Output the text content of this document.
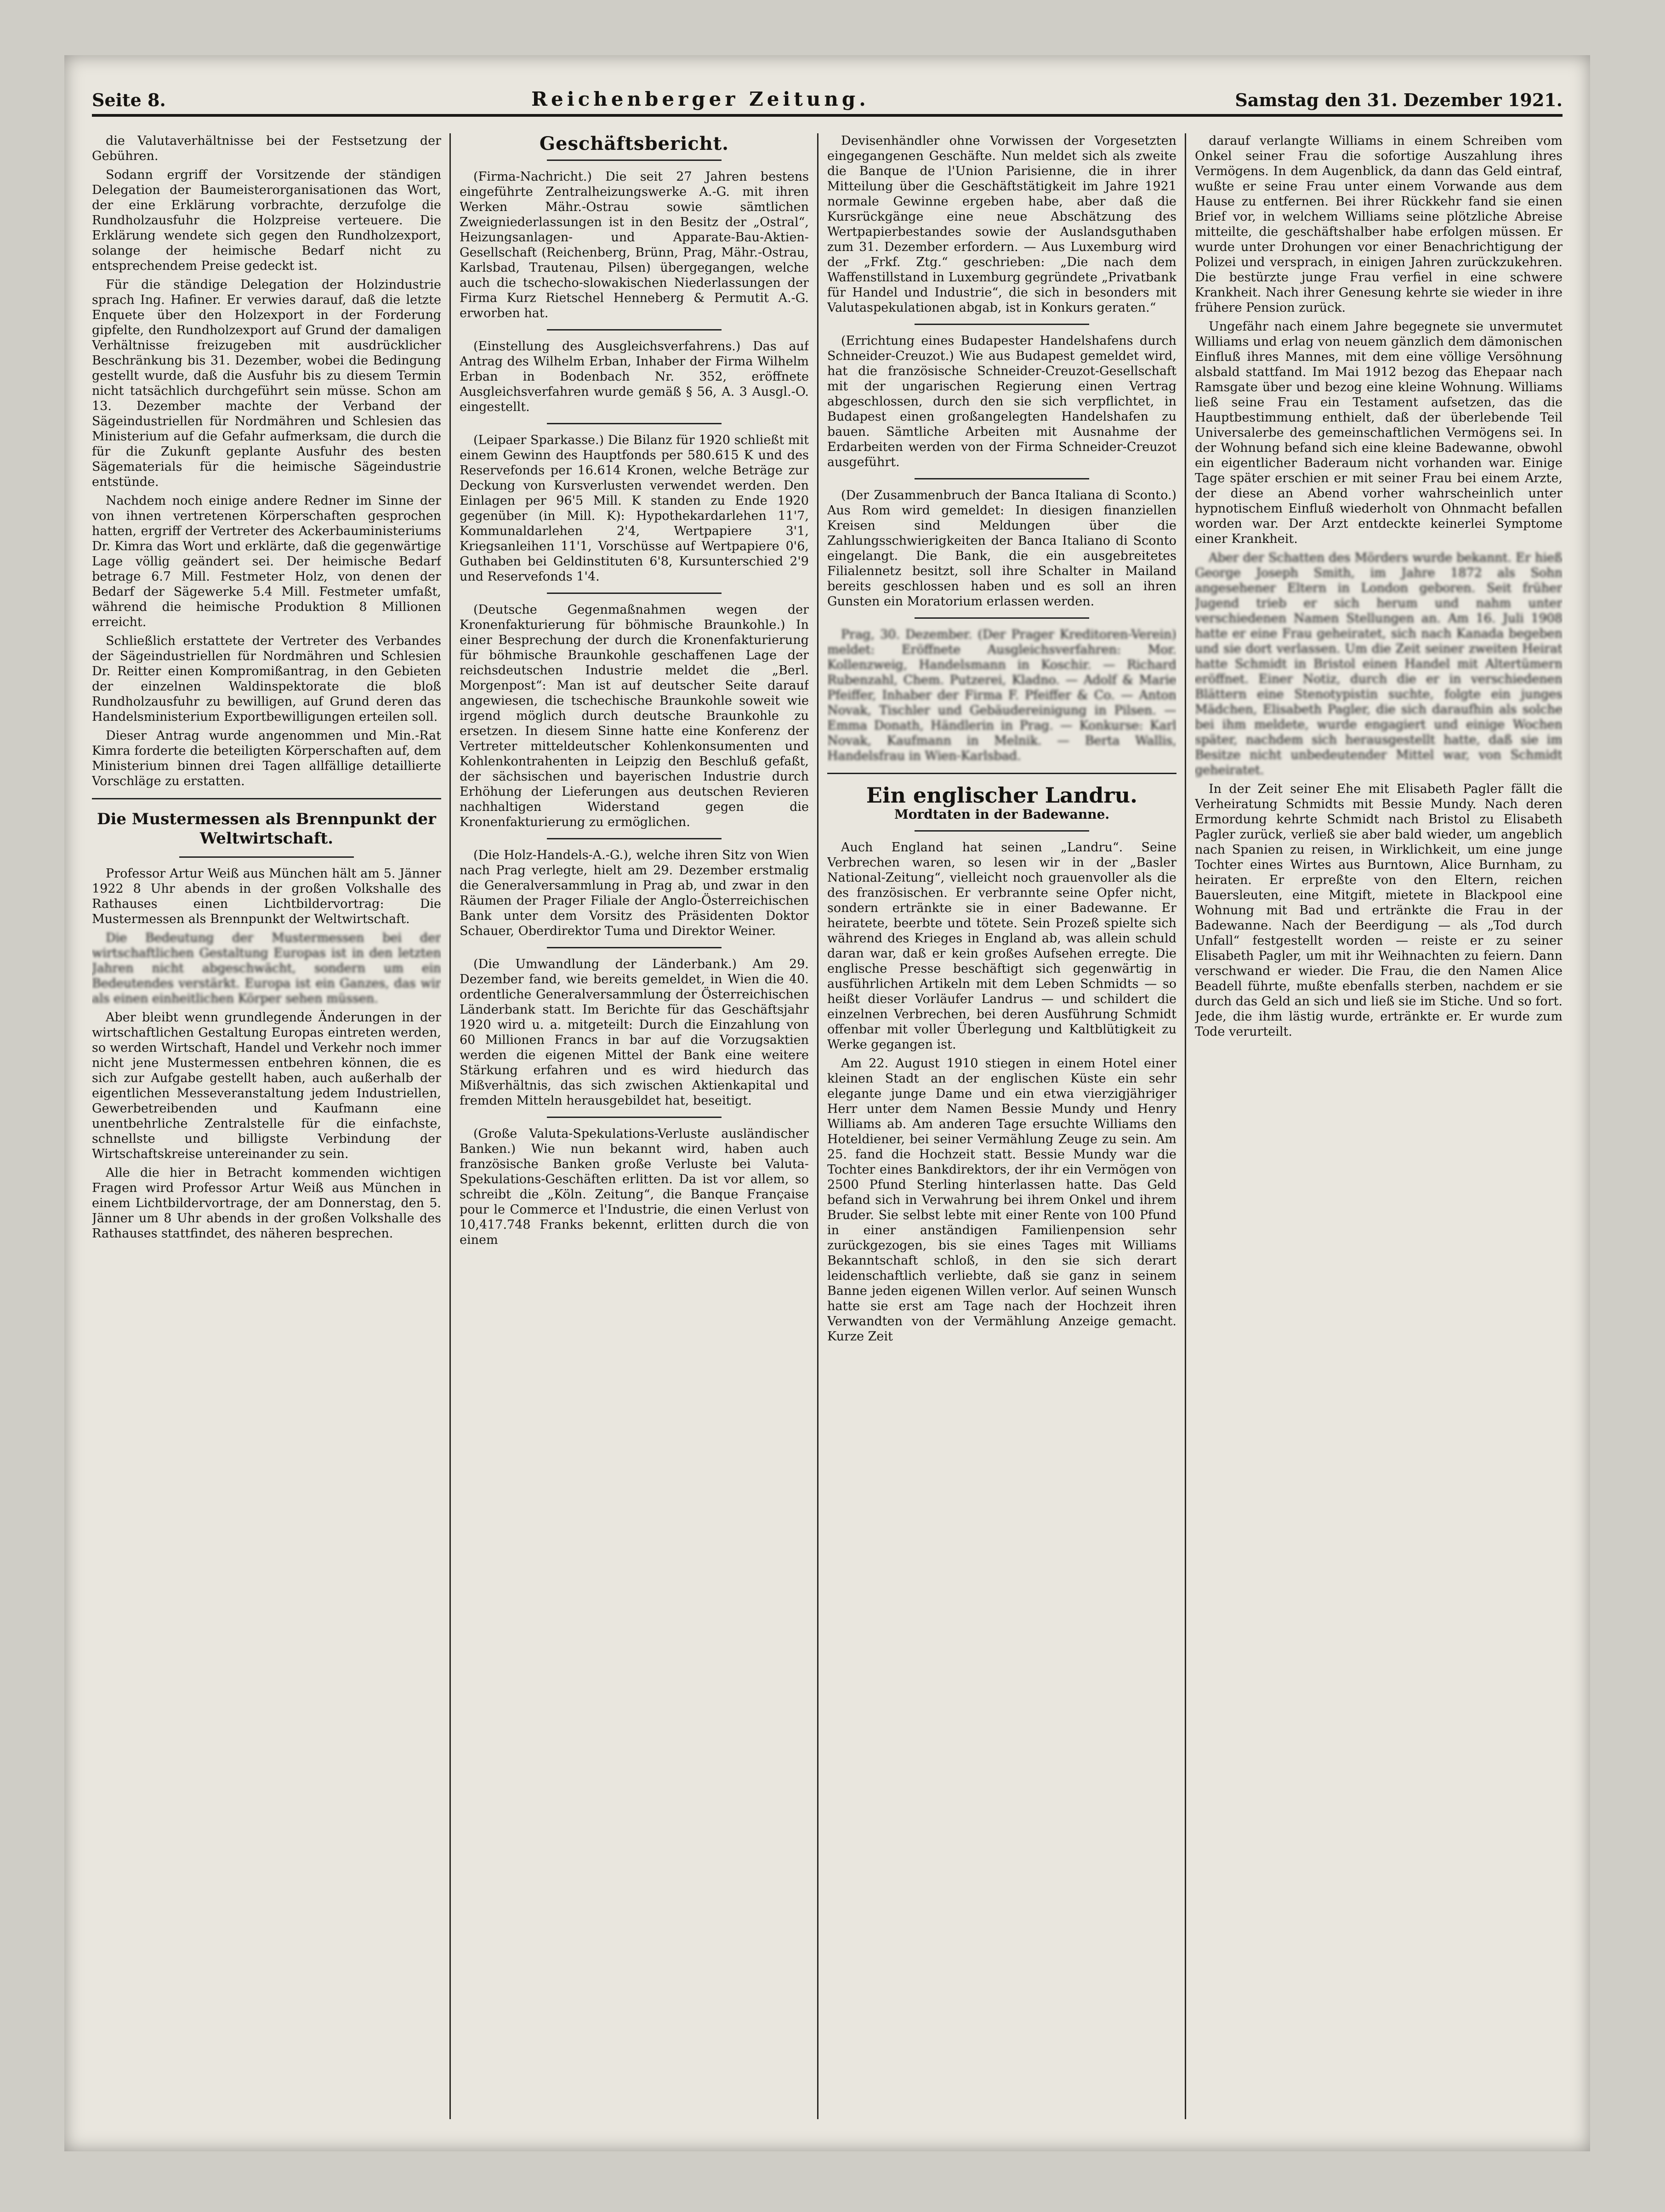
Seite 8.	Reichenberger Zeitung.	Samstag den 31. Dezember 1921.

die Valutaverhältnisse bei der Festsetzung der Gebühren.

Sodann ergriff der Vorsitzende der ständigen Delegation der Baumeisterorganisationen das Wort, der eine Erklärung vorbrachte, derzufolge die Rundholzausfuhr die Holzpreise verteuere. Die Erklärung wendete sich gegen den Rundholzexport, solange der heimische Bedarf nicht zu entsprechendem Preise gedeckt ist.

Für die ständige Delegation der Holzindustrie sprach Ing. Hafiner. Er verwies darauf, daß die letzte Enquete über den Holzexport in der Forderung gipfelte, den Rundholzexport auf Grund der damaligen Verhältnisse freizugeben mit ausdrücklicher Beschränkung bis 31. Dezember, wobei die Bedingung gestellt wurde, daß die Ausfuhr bis zu diesem Termin nicht tatsächlich durchgeführt sein müsse. Schon am 13. Dezember machte der Verband der Sägeindustriellen für Nordmähren und Schlesien das Ministerium auf die Gefahr aufmerksam, die durch die für die Zukunft geplante Ausfuhr des besten Sägematerials für die heimische Sägeindustrie entstünde.

Nachdem noch einige andere Redner im Sinne der von ihnen vertretenen Körperschaften gesprochen hatten, ergriff der Vertreter des Ackerbauministeriums Dr. Kimra das Wort und erklärte, daß die gegenwärtige Lage völlig geändert sei. Der heimische Bedarf betrage 6.7 Mill. Festmeter Holz, von denen der Bedarf der Sägewerke 5.4 Mill. Festmeter umfaßt, während die heimische Produktion 8 Millionen erreicht.

Schließlich erstattete der Vertreter des Verbandes der Sägeindustriellen für Nordmähren und Schlesien Dr. Reitter einen Kompromißantrag, in den Gebieten der einzelnen Waldinspektorate die bloß Rundholzausfuhr zu bewilligen, auf Grund deren das Handelsministerium Exportbewilligungen erteilen soll.

Dieser Antrag wurde angenommen und Min.-Rat Kimra forderte die beteiligten Körperschaften auf, dem Ministerium binnen drei Tagen allfällige detaillierte Vorschläge zu erstatten.

Die Mustermessen als Brennpunkt der Weltwirtschaft.

Professor Artur Weiß aus München hält am 5. Jänner 1922 8 Uhr abends in der großen Volkshalle des Rathauses einen Lichtbildervortrag: Die Mustermessen als Brennpunkt der Weltwirtschaft.

Die Bedeutung der Mustermessen bei der wirtschaftlichen Gestaltung Europas ist in den letzten Jahren nicht abgeschwächt, sondern um ein Bedeutendes verstärkt. Europa ist ein Ganzes, das wir als einen einheitlichen Körper sehen müssen.

Aber bleibt wenn grundlegende Änderungen in der wirtschaftlichen Gestaltung Europas eintreten werden, so werden Wirtschaft, Handel und Verkehr noch immer nicht jene Mustermessen entbehren können, die es sich zur Aufgabe gestellt haben, auch außerhalb der eigentlichen Messeveranstaltung jedem Industriellen, Gewerbetreibenden und Kaufmann eine unentbehrliche Zentralstelle für die einfachste, schnellste und billigste Verbindung der Wirtschaftskreise untereinander zu sein.

Alle die hier in Betracht kommenden wichtigen Fragen wird Professor Artur Weiß aus München in einem Lichtbildervortrage, der am Donnerstag, den 5. Jänner um 8 Uhr abends in der großen Volkshalle des Rathauses stattfindet, des näheren besprechen.

Geschäftsbericht.

(Firma-Nachricht.) Die seit 27 Jahren bestens eingeführte Zentralheizungswerke A.-G. mit ihren Werken Mähr.-Ostrau sowie sämtlichen Zweigniederlassungen ist in den Besitz der „Ostral“, Heizungsanlagen- und Apparate-Bau-Aktien-Gesellschaft (Reichenberg, Brünn, Prag, Mähr.-Ostrau, Karlsbad, Trautenau, Pilsen) übergegangen, welche auch die tschecho-slowakischen Niederlassungen der Firma Kurz Rietschel Henneberg & Permutit A.-G. erworben hat.

(Einstellung des Ausgleichsverfahrens.) Das auf Antrag des Wilhelm Erban, Inhaber der Firma Wilhelm Erban in Bodenbach Nr. 352, eröffnete Ausgleichsverfahren wurde gemäß § 56, A. 3 Ausgl.-O. eingestellt.

(Leipaer Sparkasse.) Die Bilanz für 1920 schließt mit einem Gewinn des Hauptfonds per 580.615 K und des Reservefonds per 16.614 Kronen, welche Beträge zur Deckung von Kursverlusten verwendet werden. Den Einlagen per 96'5 Mill. K standen zu Ende 1920 gegenüber (in Mill. K): Hypothekardarlehen 11'7, Kommunaldarlehen 2'4, Wertpapiere 3'1, Kriegsanleihen 11'1, Vorschüsse auf Wertpapiere 0'6, Guthaben bei Geldinstituten 6'8, Kursunterschied 2'9 und Reservefonds 1'4.

(Deutsche Gegenmaßnahmen wegen der Kronenfakturierung für böhmische Braunkohle.) In einer Besprechung der durch die Kronenfakturierung für böhmische Braunkohle geschaffenen Lage der reichsdeutschen Industrie meldet die „Berl. Morgenpost“: Man ist auf deutscher Seite darauf angewiesen, die tschechische Braunkohle soweit wie irgend möglich durch deutsche Braunkohle zu ersetzen. In diesem Sinne hatte eine Konferenz der Vertreter mitteldeutscher Kohlenkonsumenten und Kohlenkontrahenten in Leipzig den Beschluß gefaßt, der sächsischen und bayerischen Industrie durch Erhöhung der Lieferungen aus deutschen Revieren nachhaltigen Widerstand gegen die Kronenfakturierung zu ermöglichen.

(Die Holz-Handels-A.-G.), welche ihren Sitz von Wien nach Prag verlegte, hielt am 29. Dezember erstmalig die Generalversammlung in Prag ab, und zwar in den Räumen der Prager Filiale der Anglo-Österreichischen Bank unter dem Vorsitz des Präsidenten Doktor Schauer, Oberdirektor Tuma und Direktor Weiner.

(Die Umwandlung der Länderbank.) Am 29. Dezember fand, wie bereits gemeldet, in Wien die 40. ordentliche Generalversammlung der Österreichischen Länderbank statt. Im Berichte für das Geschäftsjahr 1920 wird u. a. mitgeteilt: Durch die Einzahlung von 60 Millionen Francs in bar auf die Vorzugsaktien werden die eigenen Mittel der Bank eine weitere Stärkung erfahren und es wird hiedurch das Mißverhältnis, das sich zwischen Aktienkapital und fremden Mitteln herausgebildet hat, beseitigt.

(Große Valuta-Spekulations-Verluste ausländischer Banken.) Wie nun bekannt wird, haben auch französische Banken große Verluste bei Valuta-Spekulations-Geschäften erlitten. Da ist vor allem, so schreibt die „Köln. Zeitung“, die Banque Française pour le Commerce et l'Industrie, die einen Verlust von 10,417.748 Franks bekennt, erlitten durch die von einem

Devisenhändler ohne Vorwissen der Vorgesetzten eingegangenen Geschäfte. Nun meldet sich als zweite die Banque de l'Union Parisienne, die in ihrer Mitteilung über die Geschäftstätigkeit im Jahre 1921 normale Gewinne ergeben habe, aber daß die Kursrückgänge eine neue Abschätzung des Wertpapierbestandes sowie der Auslandsguthaben zum 31. Dezember erfordern. — Aus Luxemburg wird der „Frkf. Ztg.“ geschrieben: „Die nach dem Waffenstillstand in Luxemburg gegründete „Privatbank für Handel und Industrie“, die sich in besonders mit Valutaspekulationen abgab, ist in Konkurs geraten.“

(Errichtung eines Budapester Handelshafens durch Schneider-Creuzot.) Wie aus Budapest gemeldet wird, hat die französische Schneider-Creuzot-Gesellschaft mit der ungarischen Regierung einen Vertrag abgeschlossen, durch den sie sich verpflichtet, in Budapest einen großangelegten Handelshafen zu bauen. Sämtliche Arbeiten mit Ausnahme der Erdarbeiten werden von der Firma Schneider-Creuzot ausgeführt.

(Der Zusammenbruch der Banca Italiana di Sconto.) Aus Rom wird gemeldet: In diesigen finanziellen Kreisen sind Meldungen über die Zahlungsschwierigkeiten der Banca Italiano di Sconto eingelangt. Die Bank, die ein ausgebreitetes Filialennetz besitzt, soll ihre Schalter in Mailand bereits geschlossen haben und es soll an ihren Gunsten ein Moratorium erlassen werden.

Prag, 30. Dezember. (Der Prager Kreditoren-Verein) meldet: Eröffnete Ausgleichsverfahren: Mor. Kollenzweig, Handelsmann in Koschir. — Richard Rubenzahl, Chem. Putzerei, Kladno. — Adolf & Marie Pfeiffer, Inhaber der Firma F. Pfeiffer & Co. — Anton Novak, Tischler und Gebäudereinigung in Pilsen. — Emma Donath, Händlerin in Prag. — Konkurse: Karl Novak, Kaufmann in Melnik. — Berta Wallis, Handelsfrau in Wien-Karlsbad.

Ein englischer Landru.
Mordtaten in der Badewanne.

Auch England hat seinen „Landru“. Seine Verbrechen waren, so lesen wir in der „Basler National-Zeitung“, vielleicht noch grauenvoller als die des französischen. Er verbrannte seine Opfer nicht, sondern ertränkte sie in einer Badewanne. Er heiratete, beerbte und tötete. Sein Prozeß spielte sich während des Krieges in England ab, was allein schuld daran war, daß er kein großes Aufsehen erregte. Die englische Presse beschäftigt sich gegenwärtig in ausführlichen Artikeln mit dem Leben Schmidts — so heißt dieser Vorläufer Landrus — und schildert die einzelnen Verbrechen, bei deren Ausführung Schmidt offenbar mit voller Überlegung und Kaltblütigkeit zu Werke gegangen ist.

Am 22. August 1910 stiegen in einem Hotel einer kleinen Stadt an der englischen Küste ein sehr elegante junge Dame und ein etwa vierzigjähriger Herr unter dem Namen Bessie Mundy und Henry Williams ab. Am anderen Tage ersuchte Williams den Hoteldiener, bei seiner Vermählung Zeuge zu sein. Am 25. fand die Hochzeit statt. Bessie Mundy war die Tochter eines Bankdirektors, der ihr ein Vermögen von 2500 Pfund Sterling hinterlassen hatte. Das Geld befand sich in Verwahrung bei ihrem Onkel und ihrem Bruder. Sie selbst lebte mit einer Rente von 100 Pfund in einer anständigen Familienpension sehr zurückgezogen, bis sie eines Tages mit Williams Bekanntschaft schloß, in den sie sich derart leidenschaftlich verliebte, daß sie ganz in seinem Banne jeden eigenen Willen verlor. Auf seinen Wunsch hatte sie erst am Tage nach der Hochzeit ihren Verwandten von der Vermählung Anzeige gemacht. Kurze Zeit

darauf verlangte Williams in einem Schreiben vom Onkel seiner Frau die sofortige Auszahlung ihres Vermögens. In dem Augenblick, da dann das Geld eintraf, wußte er seine Frau unter einem Vorwande aus dem Hause zu entfernen. Bei ihrer Rückkehr fand sie einen Brief vor, in welchem Williams seine plötzliche Abreise mitteilte, die geschäftshalber habe erfolgen müssen. Er wurde unter Drohungen vor einer Benachrichtigung der Polizei und versprach, in einigen Jahren zurückzukehren. Die bestürzte junge Frau verfiel in eine schwere Krankheit. Nach ihrer Genesung kehrte sie wieder in ihre frühere Pension zurück.

Ungefähr nach einem Jahre begegnete sie unvermutet Williams und erlag von neuem gänzlich dem dämonischen Einfluß ihres Mannes, mit dem eine völlige Versöhnung alsbald stattfand. Im Mai 1912 bezog das Ehepaar nach Ramsgate über und bezog eine kleine Wohnung. Williams ließ seine Frau ein Testament aufsetzen, das die Hauptbestimmung enthielt, daß der überlebende Teil Universalerbe des gemeinschaftlichen Vermögens sei. In der Wohnung befand sich eine kleine Badewanne, obwohl ein eigentlicher Baderaum nicht vorhanden war. Einige Tage später erschien er mit seiner Frau bei einem Arzte, der diese an Abend vorher wahrscheinlich unter hypnotischem Einfluß wiederholt von Ohnmacht befallen worden war. Der Arzt entdeckte keinerlei Symptome einer Krankheit.

Aber der Schatten des Mörders wurde bekannt. Er hieß George Joseph Smith, im Jahre 1872 als Sohn angesehener Eltern in London geboren. Seit früher Jugend trieb er sich herum und nahm unter verschiedenen Namen Stellungen an. Am 16. Juli 1908 hatte er eine Frau geheiratet, sich nach Kanada begeben und sie dort verlassen. Um die Zeit seiner zweiten Heirat hatte Schmidt in Bristol einen Handel mit Altertümern eröffnet. Einer Notiz, durch die er in verschiedenen Blättern eine Stenotypistin suchte, folgte ein junges Mädchen, Elisabeth Pagler, die sich daraufhin als solche bei ihm meldete, wurde engagiert und einige Wochen später, nachdem sich herausgestellt hatte, daß sie im Besitze nicht unbedeutender Mittel war, von Schmidt geheiratet.

In der Zeit seiner Ehe mit Elisabeth Pagler fällt die Verheiratung Schmidts mit Bessie Mundy. Nach deren Ermordung kehrte Schmidt nach Bristol zu Elisabeth Pagler zurück, verließ sie aber bald wieder, um angeblich nach Spanien zu reisen, in Wirklichkeit, um eine junge Tochter eines Wirtes aus Burntown, Alice Burnham, zu heiraten. Er erpreßte von den Eltern, reichen Bauersleuten, eine Mitgift, mietete in Blackpool eine Wohnung mit Bad und ertränkte die Frau in der Badewanne. Nach der Beerdigung — als „Tod durch Unfall“ festgestellt worden — reiste er zu seiner Elisabeth Pagler, um mit ihr Weihnachten zu feiern. Dann verschwand er wieder. Die Frau, die den Namen Alice Beadell führte, mußte ebenfalls sterben, nachdem er sie durch das Geld an sich und ließ sie im Stiche. Und so fort. Jede, die ihm lästig wurde, ertränkte er. Er wurde zum Tode verurteilt.
